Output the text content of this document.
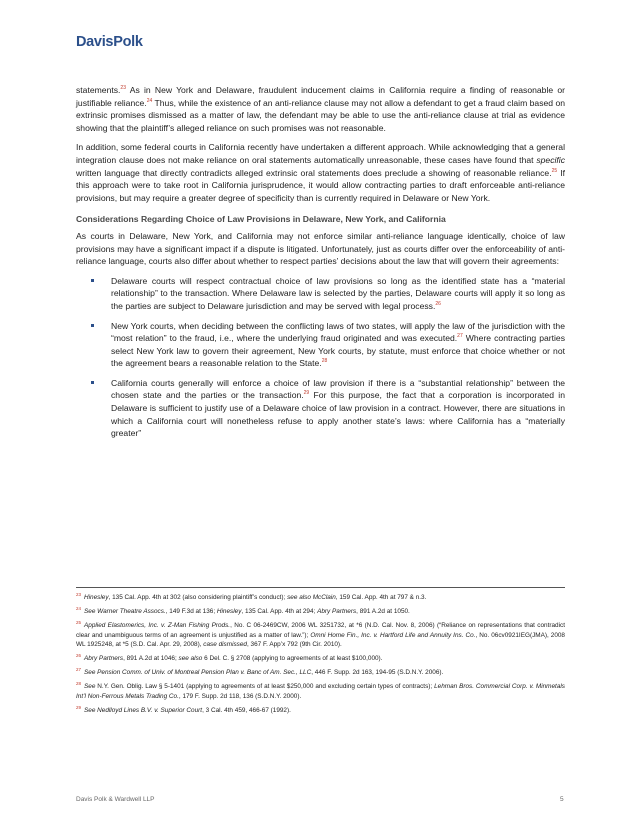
DavisPolk

statements.$^{23}$ As in New York and Delaware, fraudulent inducement claims in California require a finding of reasonable or justifiable reliance.$^{24}$ Thus, while the existence of an anti-reliance clause may not allow a defendant to get a fraud claim based on extrinsic promises dismissed as a matter of law, the defendant may be able to use the anti-reliance clause at trial as evidence showing that the plaintiff’s alleged reliance on such promises was not reasonable.

In addition, some federal courts in California recently have undertaken a different approach. While acknowledging that a general integration clause does not make reliance on oral statements automatically unreasonable, these cases have found that specific written language that directly contradicts alleged extrinsic oral statements does preclude a showing of reasonable reliance.$^{25}$ If this approach were to take root in California jurisprudence, it would allow contracting parties to draft enforceable anti-reliance provisions, but may require a greater degree of specificity than is currently required in Delaware or New York.

Considerations Regarding Choice of Law Provisions in Delaware, New York, and California

As courts in Delaware, New York, and California may not enforce similar anti-reliance language identically, choice of law provisions may have a significant impact if a dispute is litigated. Unfortunately, just as courts differ over the enforceability of anti-reliance language, courts also differ about whether to respect parties’ decisions about the law that will govern their agreements:

Delaware courts will respect contractual choice of law provisions so long as the identified state has a “material relationship” to the transaction. Where Delaware law is selected by the parties, Delaware courts will apply it so long as the parties are subject to Delaware jurisdiction and may be served with legal process.$^{26}$
New York courts, when deciding between the conflicting laws of two states, will apply the law of the jurisdiction with the “most relation” to the fraud, i.e., where the underlying fraud originated and was executed.$^{27}$ Where contracting parties select New York law to govern their agreement, New York courts, by statute, must enforce that choice whether or not the agreement bears a reasonable relation to the State.$^{28}$
California courts generally will enforce a choice of law provision if there is a “substantial relationship” between the chosen state and the parties or the transaction.$^{29}$ For this purpose, the fact that a corporation is incorporated in Delaware is sufficient to justify use of a Delaware choice of law provision in a contract. However, there are situations in which a California court will nonetheless refuse to apply another state’s laws: where California has a “materially greater”
$^{23}$ Hinesley, 135 Cal. App. 4th at 302 (also considering plaintiff’s conduct); see also McClain, 159 Cal. App. 4th at 797 & n.3.
$^{24}$ See Warner Theatre Assocs., 149 F.3d at 136; Hinesley, 135 Cal. App. 4th at 294; Abry Partners, 891 A.2d at 1050.
$^{25}$ Applied Elastomerics, Inc. v. Z-Man Fishing Prods., No. C 06-2469CW, 2006 WL 3251732, at *6 (N.D. Cal. Nov. 8, 2006) (“Reliance on representations that contradict clear and unambiguous terms of an agreement is unjustified as a matter of law.”); Omni Home Fin., Inc. v. Hartford Life and Annuity Ins. Co., No. 06cv0921IEG(JMA), 2008 WL 1925248, at *5 (S.D. Cal. Apr. 29, 2008), case dismissed, 367 F. App’x 792 (9th Cir. 2010).
$^{26}$ Abry Partners, 891 A.2d at 1046; see also 6 Del. C. § 2708 (applying to agreements of at least $100,000).
$^{27}$ See Pension Comm. of Univ. of Montreal Pension Plan v. Banc of Am. Sec., LLC, 446 F. Supp. 2d 163, 194-95 (S.D.N.Y. 2006).
$^{28}$ See N.Y. Gen. Oblig. Law § 5-1401 (applying to agreements of at least $250,000 and excluding certain types of contracts); Lehman Bros. Commercial Corp. v. Minmetals Int’l Non-Ferrous Metals Trading Co., 179 F. Supp. 2d 118, 136 (S.D.N.Y. 2000).
$^{29}$ See Nedlloyd Lines B.V. v. Superior Court, 3 Cal. 4th 459, 466-67 (1992).
Davis Polk & Wardwell LLP	5
